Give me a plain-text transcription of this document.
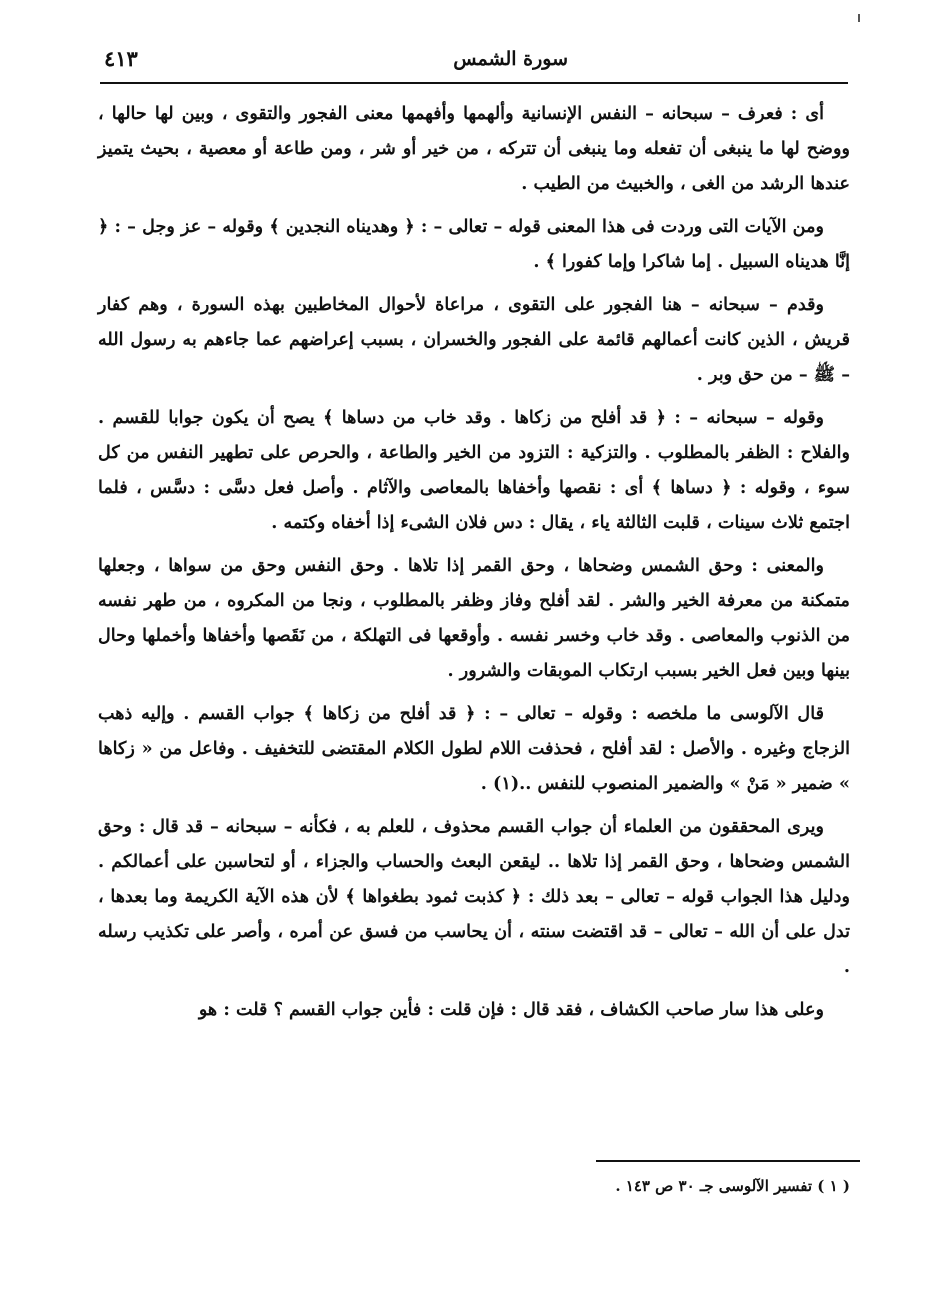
سورة الشمس
٤١٣

أى : فعرف – سبحانه – النفس الإنسانية وألهمها وأفهمها معنى الفجور والتقوى ، وبين لها حالها ، ووضح لها ما ينبغى أن تفعله وما ينبغى أن تتركه ، من خير أو شر ، ومن طاعة أو معصية ، بحيث يتميز عندها الرشد من الغى ، والخبيث من الطيب .

ومن الآيات التى وردت فى هذا المعنى قوله – تعالى – : ﴿ وهديناه النجدين ﴾ وقوله – عز وجل – : ﴿ إنَّا هديناه السبيل . إما شاكرا وإما كفورا ﴾ .

وقدم – سبحانه – هنا الفجور على التقوى ، مراعاة لأحوال المخاطبين بهذه السورة ، وهم كفار قريش ، الذين كانت أعمالهم قائمة على الفجور والخسران ، بسبب إعراضهم عما جاءهم به رسول الله – ﷺ – من حق وبر .

وقوله – سبحانه – : ﴿ قد أفلح من زكاها . وقد خاب من دساها ﴾ يصح أن يكون جوابا للقسم . والفلاح : الظفر بالمطلوب . والتزكية : التزود من الخير والطاعة ، والحرص على تطهير النفس من كل سوء ، وقوله : ﴿ دساها ﴾ أى : نقصها وأخفاها بالمعاصى والآثام . وأصل فعل دسَّى : دسَّس ، فلما اجتمع ثلاث سينات ، قلبت الثالثة ياء ، يقال : دس فلان الشىء إذا أخفاه وكتمه .

والمعنى : وحق الشمس وضحاها ، وحق القمر إذا تلاها . وحق النفس وحق من سواها ، وجعلها متمكنة من معرفة الخير والشر . لقد أفلح وفاز وظفر بالمطلوب ، ونجا من المكروه ، من طهر نفسه من الذنوب والمعاصى . وقد خاب وخسر نفسه . وأوقعها فى التهلكة ، من نَقَصها وأخفاها وأخملها وحال بينها وبين فعل الخير بسبب ارتكاب الموبقات والشرور .

قال الآلوسى ما ملخصه : وقوله – تعالى – : ﴿ قد أفلح من زكاها ﴾ جواب القسم . وإليه ذهب الزجاج وغيره . والأصل : لقد أفلح ، فحذفت اللام لطول الكلام المقتضى للتخفيف . وفاعل من « زكاها » ضمير « مَنْ » والضمير المنصوب للنفس ..(١) .

ويرى المحققون من العلماء أن جواب القسم محذوف ، للعلم به ، فكأنه – سبحانه – قد قال : وحق الشمس وضحاها ، وحق القمر إذا تلاها .. ليقعن البعث والحساب والجزاء ، أو لتحاسبن على أعمالكم . ودليل هذا الجواب قوله – تعالى – بعد ذلك : ﴿ كذبت ثمود بطغواها ﴾ لأن هذه الآية الكريمة وما بعدها ، تدل على أن الله – تعالى – قد اقتضت سنته ، أن يحاسب من فسق عن أمره ، وأصر على تكذيب رسله .

وعلى هذا سار صاحب الكشاف ، فقد قال : فإن قلت : فأين جواب القسم ؟ قلت : هو

( ١ ) تفسير الآلوسى جـ ٣٠ ص ١٤٣ .
